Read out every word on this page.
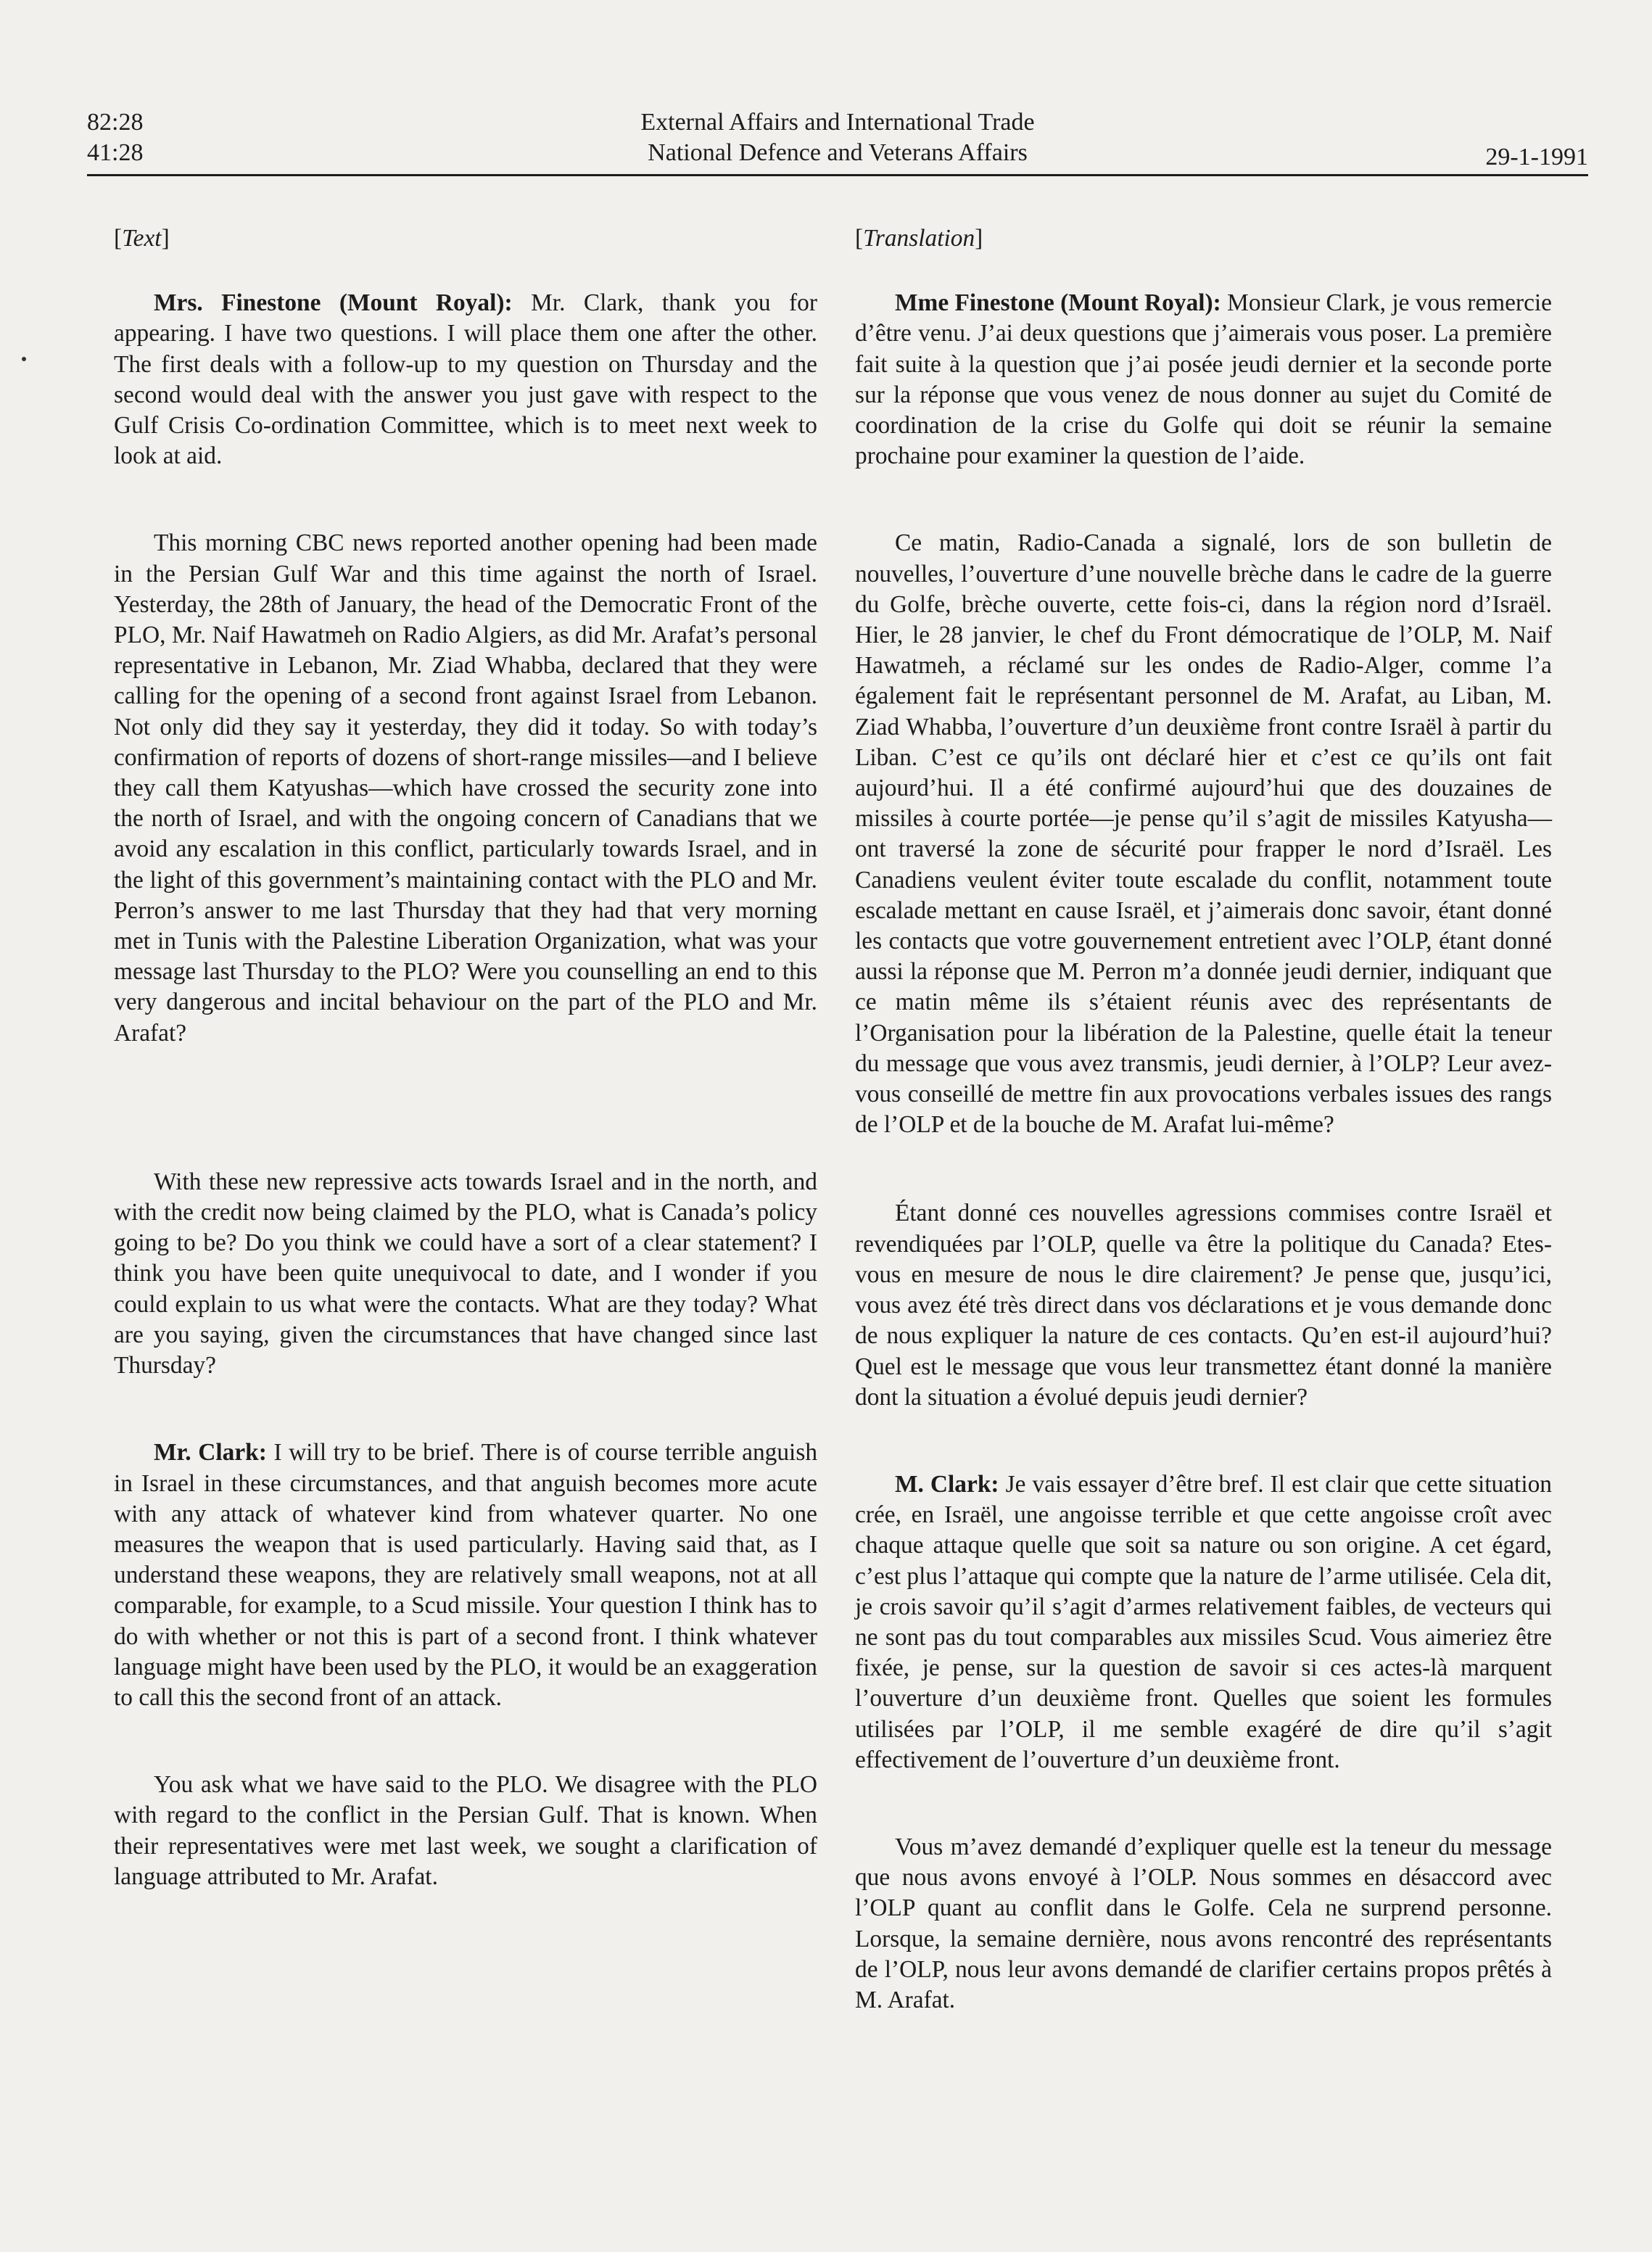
82:28
41:28
External Affairs and International Trade
National Defence and Veterans Affairs	29-1-1991
[Text]

Mrs. Finestone (Mount Royal): Mr. Clark, thank you for appearing. I have two questions. I will place them one after the other. The first deals with a follow-up to my question on Thursday and the second would deal with the answer you just gave with respect to the Gulf Crisis Co-ordination Committee, which is to meet next week to look at aid.

This morning CBC news reported another opening had been made in the Persian Gulf War and this time against the north of Israel. Yesterday, the 28th of January, the head of the Democratic Front of the PLO, Mr. Naif Hawatmeh on Radio Algiers, as did Mr. Arafat’s personal representative in Lebanon, Mr. Ziad Whabba, declared that they were calling for the opening of a second front against Israel from Lebanon. Not only did they say it yesterday, they did it today. So with today’s confirmation of reports of dozens of short-range missiles—and I believe they call them Katyushas—which have crossed the security zone into the north of Israel, and with the ongoing concern of Canadians that we avoid any escalation in this conflict, particularly towards Israel, and in the light of this government’s maintaining contact with the PLO and Mr. Perron’s answer to me last Thursday that they had that very morning met in Tunis with the Palestine Liberation Organization, what was your message last Thursday to the PLO? Were you counselling an end to this very dangerous and incital behaviour on the part of the PLO and Mr. Arafat?

With these new repressive acts towards Israel and in the north, and with the credit now being claimed by the PLO, what is Canada’s policy going to be? Do you think we could have a sort of a clear statement? I think you have been quite unequivocal to date, and I wonder if you could explain to us what were the contacts. What are they today? What are you saying, given the circumstances that have changed since last Thursday?

Mr. Clark: I will try to be brief. There is of course terrible anguish in Israel in these circumstances, and that anguish becomes more acute with any attack of whatever kind from whatever quarter. No one measures the weapon that is used particularly. Having said that, as I understand these weapons, they are relatively small weapons, not at all comparable, for example, to a Scud missile. Your question I think has to do with whether or not this is part of a second front. I think whatever language might have been used by the PLO, it would be an exaggeration to call this the second front of an attack.

You ask what we have said to the PLO. We disagree with the PLO with regard to the conflict in the Persian Gulf. That is known. When their representatives were met last week, we sought a clarification of language attributed to Mr. Arafat.

[Translation]

Mme Finestone (Mount Royal): Monsieur Clark, je vous remercie d’être venu. J’ai deux questions que j’aimerais vous poser. La première fait suite à la question que j’ai posée jeudi dernier et la seconde porte sur la réponse que vous venez de nous donner au sujet du Comité de coordination de la crise du Golfe qui doit se réunir la semaine prochaine pour examiner la question de l’aide.

Ce matin, Radio-Canada a signalé, lors de son bulletin de nouvelles, l’ouverture d’une nouvelle brèche dans le cadre de la guerre du Golfe, brèche ouverte, cette fois-ci, dans la région nord d’Israël. Hier, le 28 janvier, le chef du Front démocratique de l’OLP, M. Naif Hawatmeh, a réclamé sur les ondes de Radio-Alger, comme l’a également fait le représentant personnel de M. Arafat, au Liban, M. Ziad Whabba, l’ouverture d’un deuxième front contre Israël à partir du Liban. C’est ce qu’ils ont déclaré hier et c’est ce qu’ils ont fait aujourd’hui. Il a été confirmé aujourd’hui que des douzaines de missiles à courte portée—je pense qu’il s’agit de missiles Katyusha—ont traversé la zone de sécurité pour frapper le nord d’Israël. Les Canadiens veulent éviter toute escalade du conflit, notamment toute escalade mettant en cause Israël, et j’aimerais donc savoir, étant donné les contacts que votre gouvernement entretient avec l’OLP, étant donné aussi la réponse que M. Perron m’a donnée jeudi dernier, indiquant que ce matin même ils s’étaient réunis avec des représentants de l’Organisation pour la libération de la Palestine, quelle était la teneur du message que vous avez transmis, jeudi dernier, à l’OLP? Leur avez-vous conseillé de mettre fin aux provocations verbales issues des rangs de l’OLP et de la bouche de M. Arafat lui-même?

Étant donné ces nouvelles agressions commises contre Israël et revendiquées par l’OLP, quelle va être la politique du Canada? Etes-vous en mesure de nous le dire clairement? Je pense que, jusqu’ici, vous avez été très direct dans vos déclarations et je vous demande donc de nous expliquer la nature de ces contacts. Qu’en est-il aujourd’hui? Quel est le message que vous leur transmettez étant donné la manière dont la situation a évolué depuis jeudi dernier?

M. Clark: Je vais essayer d’être bref. Il est clair que cette situation crée, en Israël, une angoisse terrible et que cette angoisse croît avec chaque attaque quelle que soit sa nature ou son origine. A cet égard, c’est plus l’attaque qui compte que la nature de l’arme utilisée. Cela dit, je crois savoir qu’il s’agit d’armes relativement faibles, de vecteurs qui ne sont pas du tout comparables aux missiles Scud. Vous aimeriez être fixée, je pense, sur la question de savoir si ces actes-là marquent l’ouverture d’un deuxième front. Quelles que soient les formules utilisées par l’OLP, il me semble exagéré de dire qu’il s’agit effectivement de l’ouverture d’un deuxième front.

Vous m’avez demandé d’expliquer quelle est la teneur du message que nous avons envoyé à l’OLP. Nous sommes en désaccord avec l’OLP quant au conflit dans le Golfe. Cela ne surprend personne. Lorsque, la semaine dernière, nous avons rencontré des représentants de l’OLP, nous leur avons demandé de clarifier certains propos prêtés à M. Arafat.
